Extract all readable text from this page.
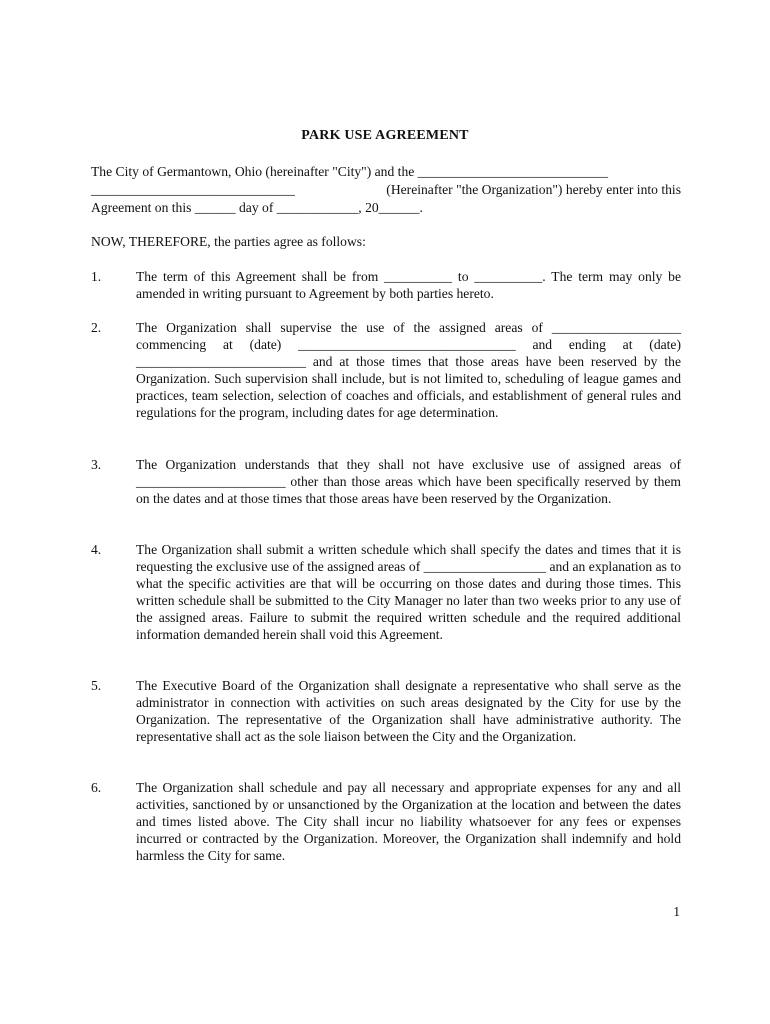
PARK USE AGREEMENT
The City of Germantown, Ohio (hereinafter "City") and the ____________________________
______________________________	(Hereinafter "the Organization") hereby enter into this
Agreement on this ______ day of ____________, 20______.
NOW, THEREFORE, the parties agree as follows:
1.	The term of this Agreement shall be from __________ to __________. The term may only be amended in writing pursuant to Agreement by both parties hereto.
2.	The Organization shall supervise the use of the assigned areas of ___________________ commencing at (date) ________________________________ and ending at (date) _________________________ and at those times that those areas have been reserved by the Organization. Such supervision shall include, but is not limited to, scheduling of league games and practices, team selection, selection of coaches and officials, and establishment of general rules and regulations for the program, including dates for age determination.
3.	The Organization understands that they shall not have exclusive use of assigned areas of ______________________ other than those areas which have been specifically reserved by them on the dates and at those times that those areas have been reserved by the Organization.
4.	The Organization shall submit a written schedule which shall specify the dates and times that it is requesting the exclusive use of the assigned areas of __________________ and an explanation as to what the specific activities are that will be occurring on those dates and during those times. This written schedule shall be submitted to the City Manager no later than two weeks prior to any use of the assigned areas. Failure to submit the required written schedule and the required additional information demanded herein shall void this Agreement.
5.	The Executive Board of the Organization shall designate a representative who shall serve as the administrator in connection with activities on such areas designated by the City for use by the Organization. The representative of the Organization shall have administrative authority. The representative shall act as the sole liaison between the City and the Organization.
6.	The Organization shall schedule and pay all necessary and appropriate expenses for any and all activities, sanctioned by or unsanctioned by the Organization at the location and between the dates and times listed above. The City shall incur no liability whatsoever for any fees or expenses incurred or contracted by the Organization. Moreover, the Organization shall indemnify and hold harmless the City for same.
1
